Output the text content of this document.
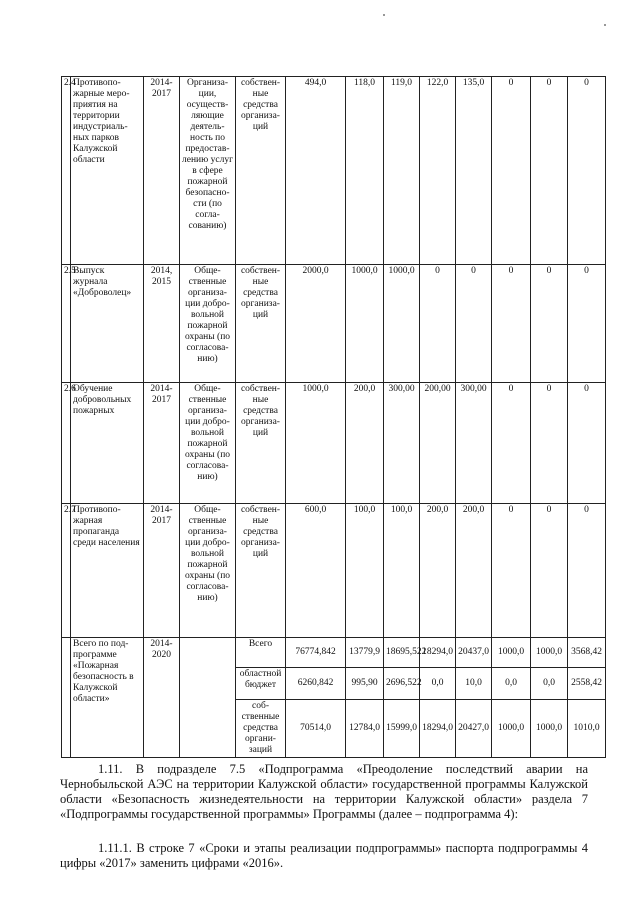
2.4	Противопо-жарные меро-приятия на территории индустриаль-ных парков Калужской области	2014-2017	Организа-ции, осуществ-ляющие деятель-ность по предостав-лению услуг в сфере пожарной безопасно-сти (по согла-сованию)	собствен-ные средства организа-ций	494,0	118,0	119,0	122,0	135,0	0	0	0
2.5	Выпуск журнала «Доброволец»	2014, 2015	Обще-ственные организа-ции добро-вольной пожарной охраны (по согласова-нию)	собствен-ные средства организа-ций	2000,0	1000,0	1000,0	0	0	0	0	0
2.6	Обучение добровольных пожарных	2014-2017	Обще-ственные организа-ции добро-вольной пожарной охраны (по согласова-нию)	собствен-ные средства организа-ций	1000,0	200,0	300,00	200,00	300,00	0	0	0
2.7	Противопо-жарная пропаганда среди населения	2014-2017	Обще-ственные организа-ции добро-вольной пожарной охраны (по согласова-нию)	собствен-ные средства организа-ций	600,0	100,0	100,0	200,0	200,0	0	0	0
	Всего по под-программе «Пожарная безопасность в Калужской области»	2014-2020		Всего	76774,842	13779,9	18695,522	18294,0	20437,0	1000,0	1000,0	3568,42
				областной бюджет	6260,842	995,90	2696,522	0,0	10,0	0,0	0,0	2558,42
				соб-ственные средства органи-заций	70514,0	12784,0	15999,0	18294,0	20427,0	1000,0	1000,0	1010,0

1.11. В подразделе 7.5 «Подпрограмма «Преодоление последствий аварии на Чернобыльской АЭС на территории Калужской области» государственной программы Калужской области «Безопасность жизнедеятельности на территории Калужской области» раздела 7 «Подпрограммы государственной программы» Программы (далее – подпрограмма 4):

1.11.1. В строке 7 «Сроки и этапы реализации подпрограммы» паспорта подпрограммы 4 цифры «2017» заменить цифрами «2016».
